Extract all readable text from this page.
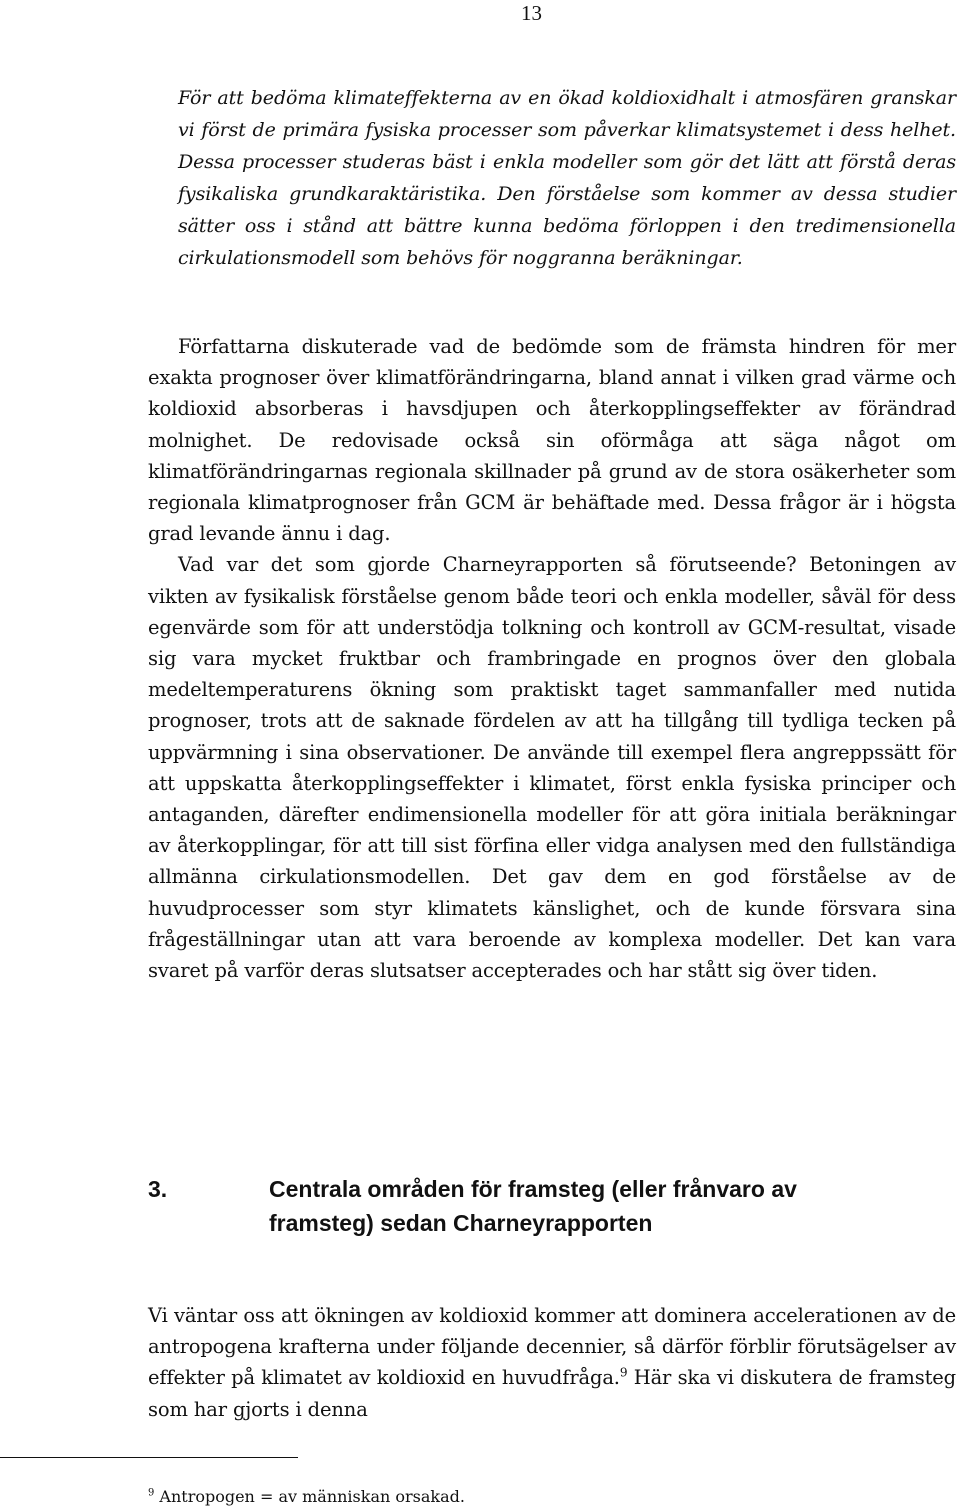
13

För att bedöma klimateffekterna av en ökad koldioxidhalt i atmosfären granskar vi först de primära fysiska processer som påverkar klimatsystemet i dess helhet. Dessa processer studeras bäst i enkla modeller som gör det lätt att förstå deras fysikaliska grundkaraktäristika. Den förståelse som kommer av dessa studier sätter oss i stånd att bättre kunna bedöma förloppen i den tredimensionella cirkulationsmodell som behövs för noggranna beräkningar.

Författarna diskuterade vad de bedömde som de främsta hindren för mer exakta prognoser över klimatförändringarna, bland annat i vilken grad värme och koldioxid absorberas i havsdjupen och återkopplingseffekter av förändrad molnighet. De redovisade också sin oförmåga att säga något om klimatförändringarnas regionala skillnader på grund av de stora osäkerheter som regionala klimatprognoser från GCM är behäftade med. Dessa frågor är i högsta grad levande ännu i dag.

Vad var det som gjorde Charneyrapporten så förutseende? Betoningen av vikten av fysikalisk förståelse genom både teori och enkla modeller, såväl för dess egenvärde som för att understödja tolkning och kontroll av GCM-resultat, visade sig vara mycket fruktbar och frambringade en prognos över den globala medeltemperaturens ökning som praktiskt taget sammanfaller med nutida prognoser, trots att de saknade fördelen av att ha tillgång till tydliga tecken på uppvärmning i sina observationer. De använde till exempel flera angreppssätt för att uppskatta återkopplingseffekter i klimatet, först enkla fysiska principer och antaganden, därefter endimensionella modeller för att göra initiala beräkningar av återkopplingar, för att till sist förfina eller vidga analysen med den fullständiga allmänna cirkulationsmodellen. Det gav dem en god förståelse av de huvudprocesser som styr klimatets känslighet, och de kunde försvara sina frågeställningar utan att vara beroende av komplexa modeller. Det kan vara svaret på varför deras slutsatser accepterades och har stått sig över tiden.

3.	Centrala områden för framsteg (eller frånvaro av framsteg) sedan Charneyrapporten

Vi väntar oss att ökningen av koldioxid kommer att dominera accelerationen av de antropogena krafterna under följande decennier, så därför förblir förutsägelser av effekter på klimatet av koldioxid en huvudfråga.$^9$ Här ska vi diskutera de framsteg som har gjorts i denna

$^9$ Antropogen = av människan orsakad.
